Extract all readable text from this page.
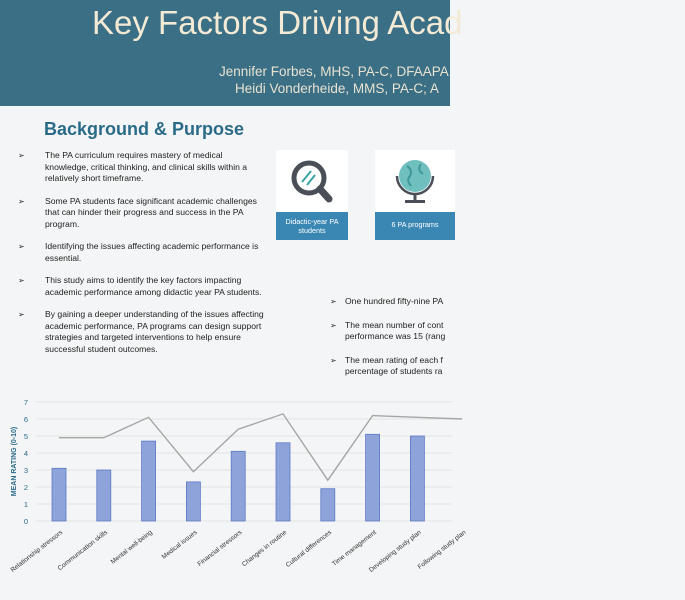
Key Factors Driving Acad
Jennifer Forbes, MHS, PA-C, DFAAPA
Heidi Vonderheide, MMS, PA-C; A
Background & Purpose
➢ The PA curriculum requires mastery of medical knowledge, critical thinking, and clinical skills within a relatively short timeframe.
➢ Some PA students face significant academic challenges that can hinder their progress and success in the PA program.
➢ Identifying the issues affecting academic performance is essential.
➢ This study aims to identify the key factors impacting academic performance among didactic year PA students.
➢ By gaining a deeper understanding of the issues affecting academic performance, PA programs can design support strategies and targeted interventions to help ensure successful student outcomes.
Didactic-year PA students
6 PA programs
➢ One hundred fifty-nine PA
➢ The mean number of cont
performance was 15 (rang
➢ The mean rating of each f
percentage of students ra
0
1
2
3
4
5
6
7
MEAN RATING (0-10)
Relationship stressors
Communication skills Mental well-being Medical issues
Financial stressors
Changes in routine
Cultural differences
Time management
Developing study plan
Following study plan
